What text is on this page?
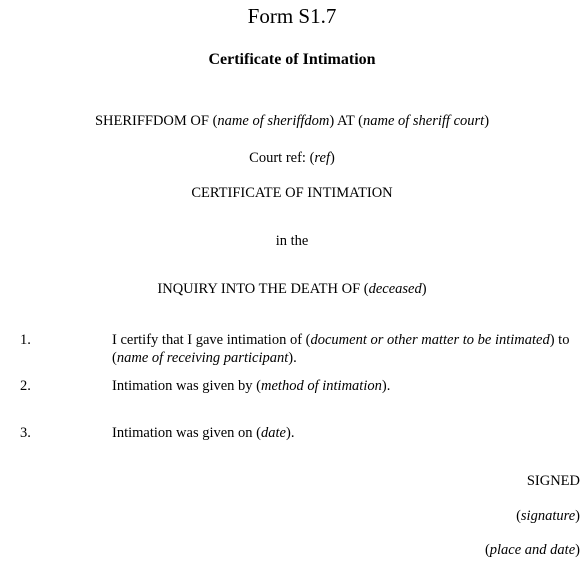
Form S1.7
Certificate of Intimation
SHERIFFDOM OF (name of sheriffdom) AT (name of sheriff court)
Court ref: (ref)
CERTIFICATE OF INTIMATION
in the
INQUIRY INTO THE DEATH OF (deceased)
1.	I certify that I gave intimation of (document or other matter to be intimated) to (name of receiving participant).
2.	Intimation was given by (method of intimation).
3.	Intimation was given on (date).
SIGNED
(signature)
(place and date)
